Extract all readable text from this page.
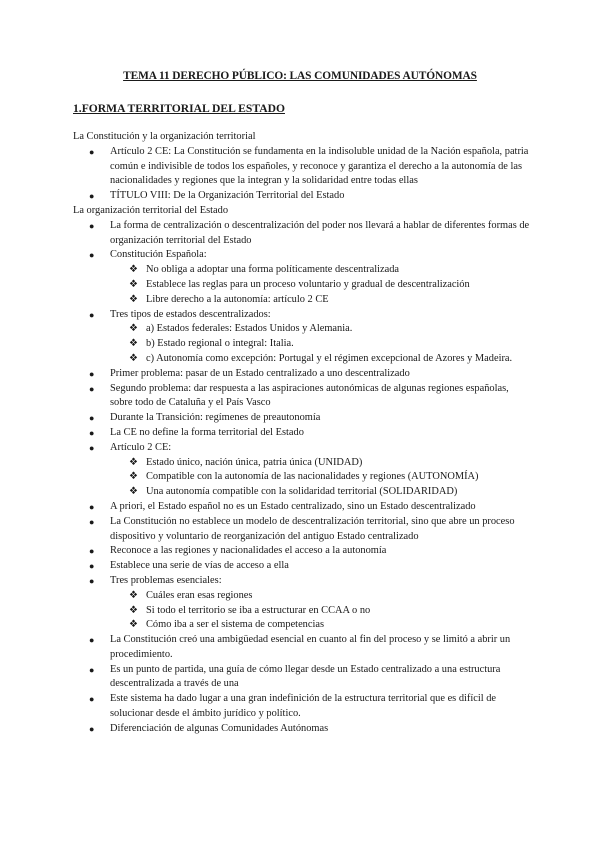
TEMA 11 DERECHO PÚBLICO: LAS COMUNIDADES AUTÓNOMAS
1.FORMA TERRITORIAL DEL ESTADO

La Constitución y la organización territorial

● Artículo 2 CE: La Constitución se fundamenta en la indisoluble unidad de la Nación española, patria común e indivisible de todos los españoles, y reconoce y garantiza el derecho a la autonomía de las nacionalidades y regiones que la integran y la solidaridad entre todas ellas
● TÍTULO VIII: De la Organización Territorial del Estado

La organización territorial del Estado

● La forma de centralización o descentralización del poder nos llevará a hablar de diferentes formas de organización territorial del Estado
● Constitución Española:
❖ No obliga a adoptar una forma políticamente descentralizada
❖ Establece las reglas para un proceso voluntario y gradual de descentralización
❖ Libre derecho a la autonomía: artículo 2 CE
● Tres tipos de estados descentralizados:
❖ a) Estados federales: Estados Unidos y Alemania.
❖ b) Estado regional o integral: Italia.
❖ c) Autonomía como excepción: Portugal y el régimen excepcional de Azores y Madeira.
● Primer problema: pasar de un Estado centralizado a uno descentralizado
● Segundo problema: dar respuesta a las aspiraciones autonómicas de algunas regiones españolas, sobre todo de Cataluña y el País Vasco
● Durante la Transición: regímenes de preautonomía
● La CE no define la forma territorial del Estado
● Artículo 2 CE:
❖ Estado único, nación única, patria única (UNIDAD)
❖ Compatible con la autonomía de las nacionalidades y regiones (AUTONOMÍA)
❖ Una autonomía compatible con la solidaridad territorial (SOLIDARIDAD)
● A priori, el Estado español no es un Estado centralizado, sino un Estado descentralizado
● La Constitución no establece un modelo de descentralización territorial, sino que abre un proceso dispositivo y voluntario de reorganización del antiguo Estado centralizado
● Reconoce a las regiones y nacionalidades el acceso a la autonomía
● Establece una serie de vías de acceso a ella
● Tres problemas esenciales:
❖ Cuáles eran esas regiones
❖ Si todo el territorio se iba a estructurar en CCAA o no
❖ Cómo iba a ser el sistema de competencias
● La Constitución creó una ambigüedad esencial en cuanto al fin del proceso y se limitó a abrir un procedimiento.
● Es un punto de partida, una guía de cómo llegar desde un Estado centralizado a una estructura descentralizada a través de una
● Este sistema ha dado lugar a una gran indefinición de la estructura territorial que es difícil de solucionar desde el ámbito jurídico y político.
● Diferenciación de algunas Comunidades Autónomas
